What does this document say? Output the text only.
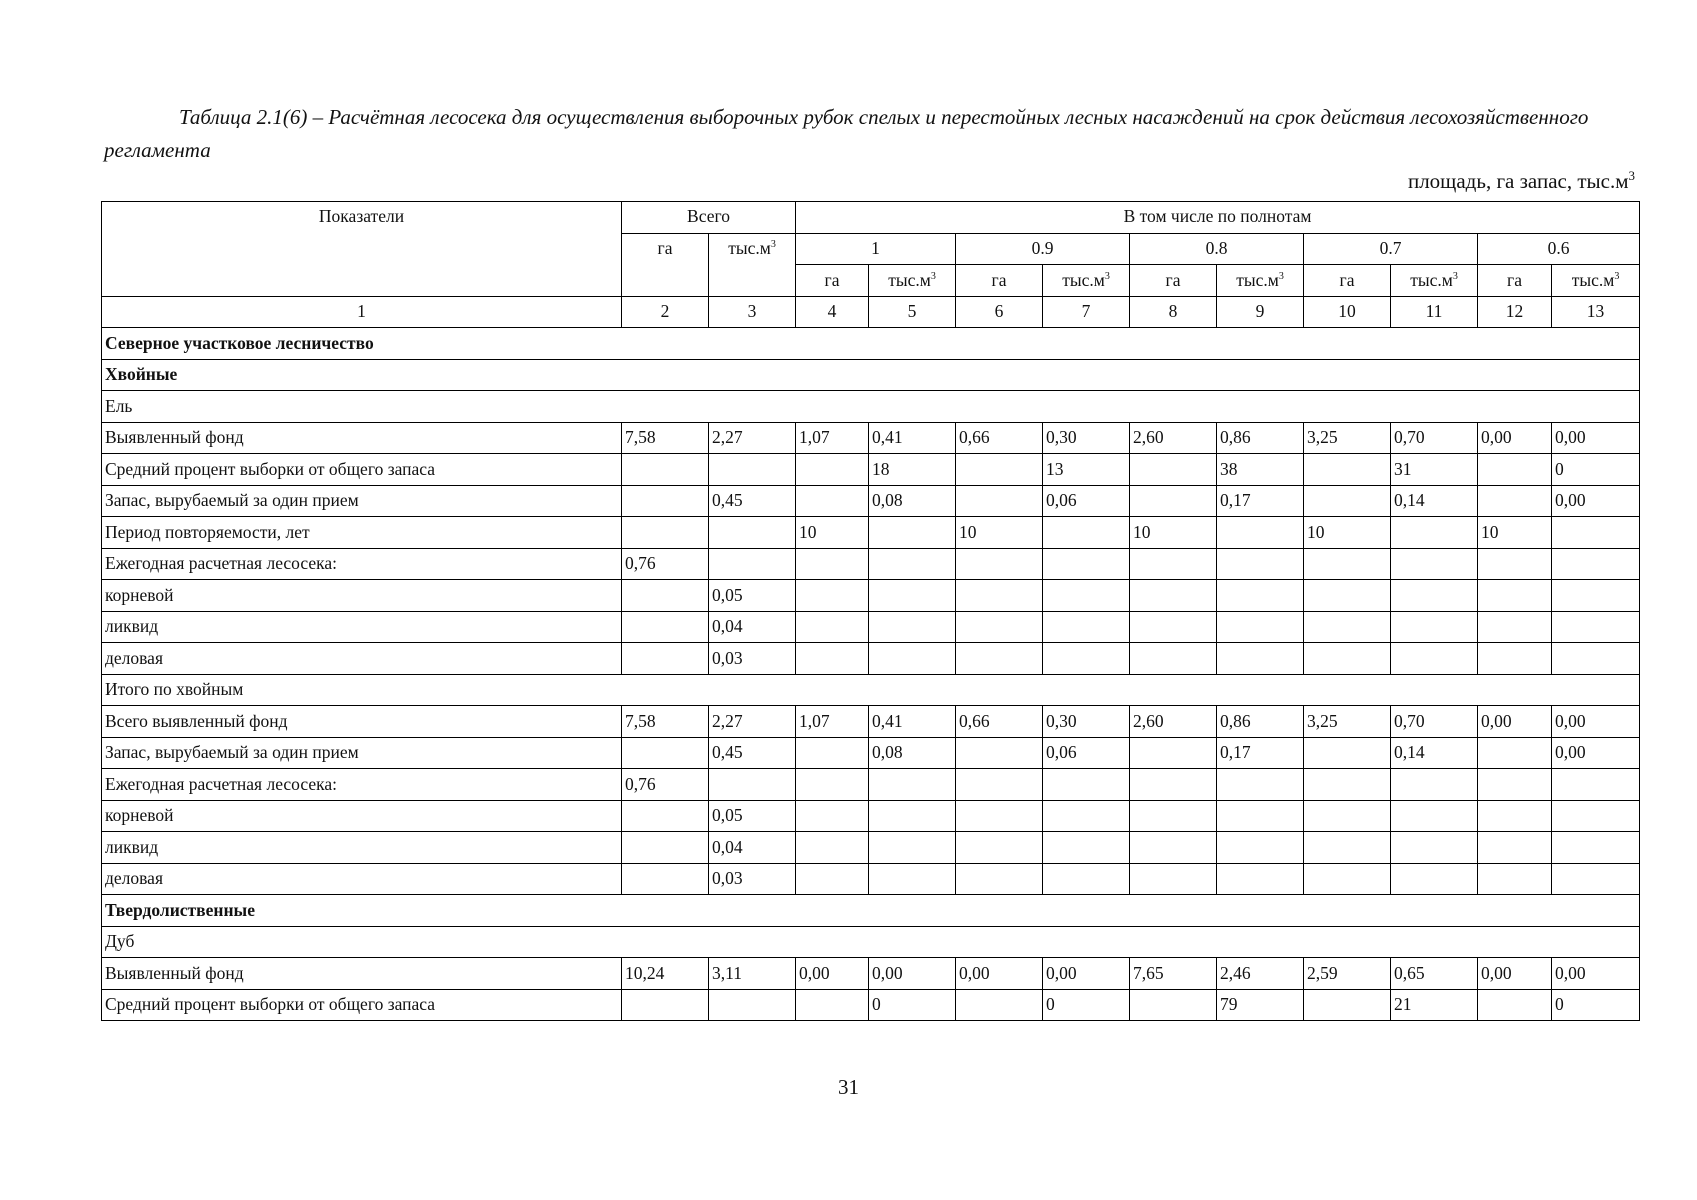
Таблица 2.1(6) – Расчётная лесосека для осуществления выборочных рубок спелых и перестойных лесных насаждений на срок действия лесохозяйственного регламента
площадь, га запас, $тыс.м^3$
Показатели	Всего		В том числе по полнотам									
	га	$тыс.м^3$	1		0.9		0.8		0.7		0.6	
			га	$тыс.м^3$	га	$тыс.м^3$	га	$тыс.м^3$	га	$тыс.м^3$	га	$тыс.м^3$
1	2	3	4	5	6	7	8	9	10	11	12	13
Северное участковое лесничество												
Хвойные												
Ель												
Выявленный фонд	7,58	2,27	1,07	0,41	0,66	0,30	2,60	0,86	3,25	0,70	0,00	0,00
Средний процент выборки от общего запаса				18		13		38		31		0
Запас, вырубаемый за один прием		0,45		0,08		0,06		0,17		0,14		0,00
Период повторяемости, лет			10		10		10		10		10	
Ежегодная расчетная лесосека:	0,76											
корневой		0,05										
ликвид		0,04										
деловая		0,03										
Итого по хвойным												
Всего выявленный фонд	7,58	2,27	1,07	0,41	0,66	0,30	2,60	0,86	3,25	0,70	0,00	0,00
Запас, вырубаемый за один прием		0,45		0,08		0,06		0,17		0,14		0,00
Ежегодная расчетная лесосека:	0,76											
корневой		0,05										
ликвид		0,04										
деловая		0,03										
Твердолиственные												
Дуб												
Выявленный фонд	10,24	3,11	0,00	0,00	0,00	0,00	7,65	2,46	2,59	0,65	0,00	0,00
Средний процент выборки от общего запаса				0		0		79		21		0
31
